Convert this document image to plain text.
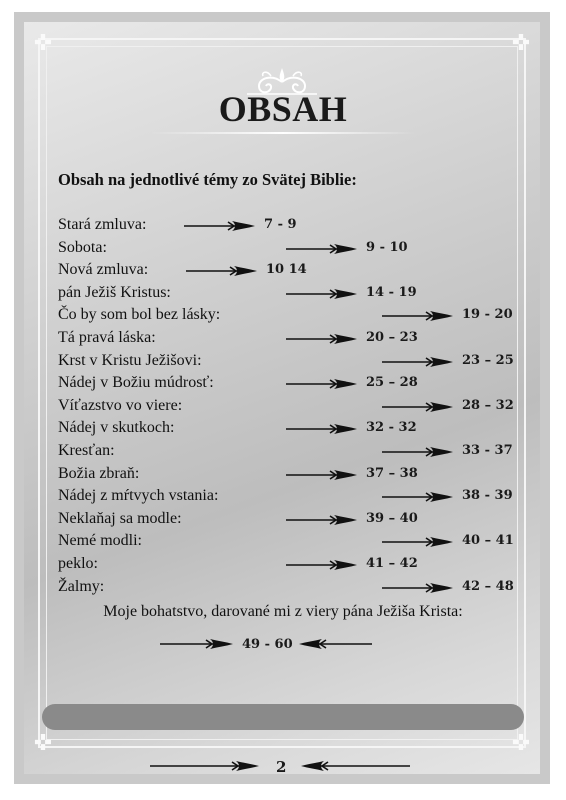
✜	✜
✜	✜
OBSAH
Obsah na jednotlivé témy zo Svätej Biblie:
Stará zmluva:	7 - 9
Sobota:	9 - 10
Nová zmluva:	10 14
pán Ježiš Kristus:	14 - 19
Čo by som bol bez lásky:	19 - 20
Tá pravá láska:	20 – 23
Krst v Kristu Ježišovi:	23 – 25
Nádej v Božiu múdrosť:	25 – 28
Víťazstvo vo viere:	28 – 32
Nádej v skutkoch:	32 - 32
Kresťan:	33 - 37
Božia zbraň:	37 – 38
Nádej z mŕtvych vstania:	38 - 39
Neklaňaj sa modle:	39 – 40
Nemé modli:	40 – 41
peklo:	41 – 42
Žalmy:	42 – 48
Moje bohatstvo, darované mi z viery pána Ježiša Krista:
49 - 60
2
